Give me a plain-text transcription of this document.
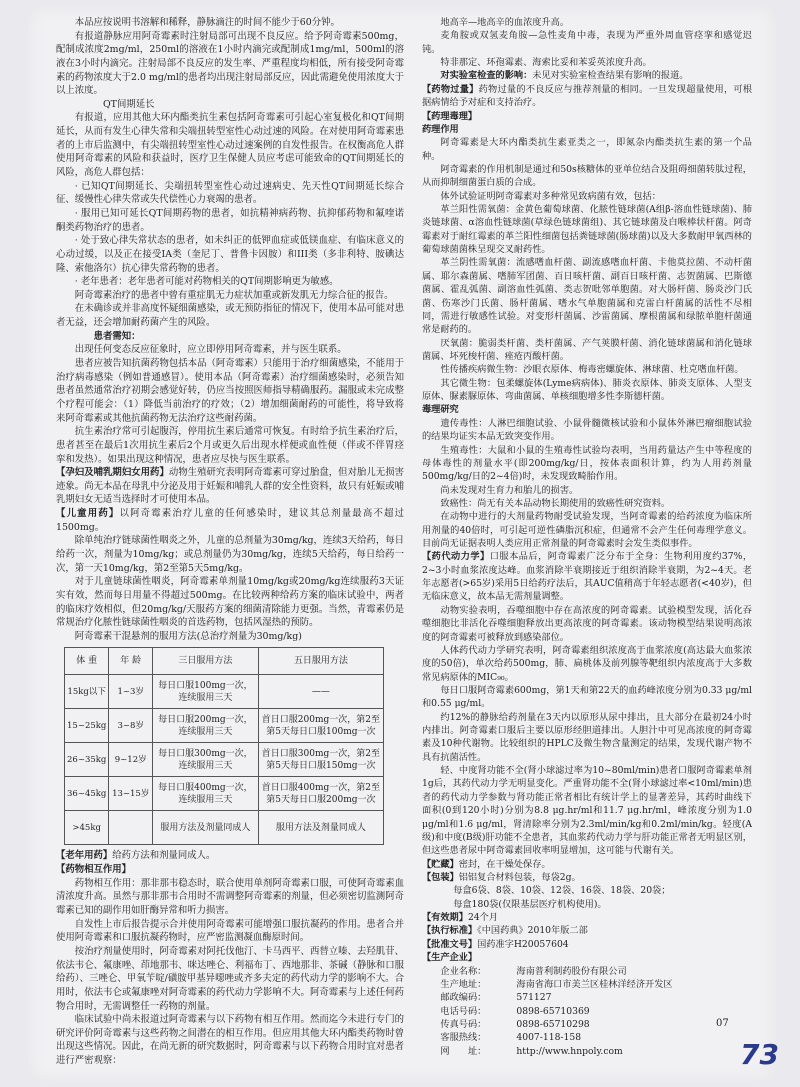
本品应按说明书溶解和稀释，静脉滴注的时间不能少于60分钟。

有报道静脉应用阿奇霉素时注射局部可出现不良反应。给予阿奇霉素500mg，配制成浓度2mg/ml，250ml的溶液在1小时内滴完或配制成1mg/ml，500ml的溶液在3小时内滴完。注射局部不良反应的发生率、严重程度均相低，所有接受阿奇霉素的药物浓度大于2.0 mg/ml的患者均出现注射局部反应，因此需避免使用浓度大于以上浓度。

QT间期延长

有报道，应用其他大环内酯类抗生素包括阿奇霉素可引起心室复极化和QT间期延长，从而有发生心律失常和尖端扭转型室性心动过速的风险。在对使用阿奇霉素患者的上市后监测中，有尖端扭转型室性心动过速案例的自发性报告。在权衡高危人群使用阿奇霉素的风险和获益时，医疗卫生保健人员应考虑可能致命的QT间期延长的风险，高危人群包括：

· 已知QT间期延长、尖端扭转型室性心动过速病史、先天性QT间期延长综合征、缓慢性心律失常或失代偿性心力衰竭的患者。

· 服用已知可延长QT间期药物的患者，如抗精神病药物、抗抑郁药物和氟喹诺酮类药物治疗的患者。

· 处于致心律失常状态的患者，如未纠正的低钾血症或低镁血症、有临床意义的心动过缓，以及正在接受IA类（奎尼丁、普鲁卡因胺）和III类（多非利特、胺碘达隆、索他洛尔）抗心律失常药物的患者。

· 老年患者：老年患者可能对药物相关的QT间期影响更为敏感。

阿奇霉素治疗的患者中曾有重症肌无力症状加重或新发肌无力综合征的报告。

在未确诊或并非高度怀疑细菌感染，或无预防指征的情况下，使用本品可能对患者无益，还会增加耐药菌产生的风险。

患者需知：

出现任何变态反应征象时，应立即停用阿奇霉素，并与医生联系。

患者应被告知抗菌药物包括本品（阿奇霉素）只能用于治疗细菌感染，不能用于治疗病毒感染（例如普通感冒）。使用本品（阿奇霉素）治疗细菌感染时，必须告知患者虽然通常治疗初期会感觉好转，仍应当按照医师指导精确服药。漏服或未完成整个疗程可能会：（1）降低当前治疗的疗效；（2）增加细菌耐药的可能性，将导致将来阿奇霉素或其他抗菌药物无法治疗这些耐药菌。

抗生素治疗常可引起腹泻，停用抗生素后通常可恢复。有时给予抗生素治疗后，患者甚至在最后1次用抗生素后2个月或更久后出现水样便或血性便（伴或不伴胃痉挛和发热）。如果出现这种情况，患者应尽快与医生联系。

【孕妇及哺乳期妇女用药】动物生殖研究表明阿奇霉素可穿过胎盘，但对胎儿无损害迹象。尚无本品在母乳中分泌及用于妊娠和哺乳人群的安全性资料，故只有妊娠或哺乳期妇女无适当选择时才可使用本品。

【儿童用药】以阿奇霉素治疗儿童的任何感染时，建议其总剂量最高不超过1500mg。

除单纯治疗链球菌性咽炎之外，儿童的总剂量为30mg/kg，连续3天给药，每日给药一次，剂量为10mg/kg；或总剂量仍为30mg/kg，连续5天给药，每日给药一次，第一天10mg/kg，第2至第5天5mg/kg。

对于儿童链球菌性咽炎，阿奇霉素单剂量10mg/kg或20mg/kg连续服药3天证实有效，然而每日用量不得超过500mg。在比较两种给药方案的临床试验中，两者的临床疗效相似，但20mg/kg/天服药方案的细菌清除能力更强。当然，青霉素仍是常规治疗化脓性链球菌性咽炎的首选药物，包括风湿热的预防。

阿奇霉素干混悬剂的服用方法(总治疗剂量为30mg/kg)

体 重	年 龄	三日服用方法	五日服用方法
15kg以下	1~3岁	每日口服100mg一次，连续服用三天	——
15~25kg	3~8岁	每日口服200mg一次，连续服用三天	首日口服200mg一次，第2至第5天每日口服100mg一次
26~35kg	9~12岁	每日口服300mg一次，连续服用三天	首日口服300mg一次，第2至第5天每日口服150mg一次
36~45kg	13~15岁	每日口服400mg一次，连续服用三天	首日口服400mg一次，第2至第5天每日口服200mg一次
>45kg		服用方法及剂量同成人	服用方法及剂量同成人

【老年用药】给药方法和剂量同成人。

【药物相互作用】

药物相互作用：那非那韦稳态时，联合使用单剂阿奇霉素口服，可使阿奇霉素血清浓度升高。虽然与那非那韦合用时不需调整阿奇霉素的剂量，但必须密切监测阿奇霉素已知的副作用如肝酶异常和听力损害。

自发性上市后报告提示合并使用阿奇霉素可能增强口服抗凝药的作用。患者合并使用阿奇霉素和口服抗凝药物时，应严密监测凝血酶原时间。

按治疗剂量使用时，阿奇霉素对阿托伐他汀、卡马西平、西替立嗪、去羟肌苷、依法韦仑、氟康唑、茚地那韦、咪达唑仑、利福布丁、西地那非、茶碱（静脉和口服给药）、三唑仑、甲氧苄啶/磺胺甲基异噁唑或齐多夫定的药代动力学的影响不大。合用时，依法韦仑或氟康唑对阿奇霉素的药代动力学影响不大。阿奇霉素与上述任何药物合用时，无需调整任一药物的剂量。

临床试验中尚未报道过阿奇霉素与以下药物有相互作用。然而迄今未进行专门的研究评价阿奇霉素与这些药物之间潜在的相互作用。但应用其他大环内酯类药物时曾出现这些情况。因此，在尚无新的研究数据时，阿奇霉素与以下药物合用时宜对患者进行严密观察：

地高辛—地高辛的血浓度升高。

麦角胺或双氢麦角胺—急性麦角中毒，表现为严重外周血管痉挛和感觉迟钝。

特非那定、环孢霉素、海索比妥和苯妥英浓度升高。

对实验室检查的影响：未见对实验室检查结果有影响的报道。

【药物过量】药物过量的不良反应与推荐剂量的相同。一旦发现超量使用，可根据病情给予对症和支持治疗。

【药理毒理】

药理作用

阿奇霉素是大环内酯类抗生素亚类之一，即氮杂内酯类抗生素的第一个品种。

阿奇霉素的作用机制是通过和50s核糖体的亚单位结合及阻碍细菌转肽过程，从而抑制细菌蛋白质的合成。

体外试验证明阿奇霉素对多种常见致病菌有效，包括：

革兰阳性需氧菌：金黄色葡萄球菌、化脓性链球菌(A组β-溶血性链球菌)、肺炎链球菌、α溶血性链球菌(草绿色链球菌组)、其它链球菌及白喉棒状杆菌。阿奇霉素对于耐红霉素的革兰阳性细菌包括粪链球菌(肠球菌)以及大多数耐甲氧西林的葡萄球菌菌株呈现交叉耐药性。

革兰阴性需氧菌：流感嗜血杆菌、副流感嗜血杆菌、卡他莫拉菌、不动杆菌属、耶尔森菌属、嗜肺军团菌、百日咳杆菌、副百日咳杆菌、志贺菌属、巴斯德菌属、霍乱弧菌、副溶血性弧菌、类志贺吡邻单胞菌。对大肠杆菌、肠炎沙门氏菌、伤寒沙门氏菌、肠杆菌属、嗜水气单胞菌属和克雷白杆菌属的活性不尽相同，需进行敏感性试验。对变形杆菌属、沙雷菌属、摩根菌属和绿脓单胞杆菌通常是耐药的。

厌氧菌：脆弱类杆菌、类杆菌属、产气荚膜杆菌、消化链球菌属和消化链球菌属、坏死梭杆菌、痤疮丙酸杆菌。

性传播疾病微生物：沙眼衣原体、梅毒密螺旋体、淋球菌、杜克嗜血杆菌。

其它微生物：包柔螺旋体(Lyme病病体)、肺炎衣原体、肺炎支原体、人型支原体、脲素脲原体、弯曲菌属、单核细胞增多性李斯德杆菌。

毒理研究

遗传毒性：人淋巴细胞试验、小鼠骨髓微核试验和小鼠体外淋巴瘤细胞试验的结果均证实本品无致突变作用。

生殖毒性：大鼠和小鼠的生殖毒性试验均表明，当用药量达产生中等程度的母体毒性的剂量水平(即200mg/kg/日，按体表面积计算，约为人用药剂量500mg/kg/日的2~4倍)时，未发现致畸胎作用。

尚未发现对生育力和胎儿的损害。

致癌性：尚无有关本品动物长期使用的致癌性研究资料。

在动物中进行的大剂量药物耐受试验发现，当阿奇霉素的给药浓度为临床所用剂量的40倍时，可引起可逆性磷脂沉积症，但通常不会产生任何毒理学意义。目前尚无证据表明人类应用正常剂量的阿奇霉素时会发生类似事件。

【药代动力学】口服本品后，阿奇霉素广泛分布于全身：生物利用度约37%，2~3小时血浆浓度达峰。血浆消除半衰期接近于组织消除半衰期，为2~4天。老年志愿者(>65岁)采用5日给药疗法后，其AUC值稍高于年轻志愿者(<40岁)，但无临床意义，故本品无需剂量调整。

动物实验表明，吞噬细胞中存在高浓度的阿奇霉素。试验模型发现，活化吞噬细胞比非活化吞噬细胞释放出更高浓度的阿奇霉素。该动物模型结果说明高浓度的阿奇霉素可被释放到感染部位。

人体药代动力学研究表明，阿奇霉素组织浓度高于血浆浓度(高达最大血浆浓度的50倍)，单次给药500mg，肺、扁桃体及前列腺等靶组织内浓度高于大多数常见病原体的MIC₉₀。

每日口服阿奇霉素600mg，第1天和第22天的血药峰浓度分别为0.33 μg/ml和0.55 μg/ml。

约12%的静脉给药剂量在3天内以原形从尿中排出，且大部分在最初24小时内排出。阿奇霉素口服后主要以原形经胆道排出。人胆汁中可见高浓度的阿奇霉素及10种代谢物。比较组织的HPLC及微生物含量测定的结果，发现代谢产物不具有抗菌活性。

轻、中度肾功能不全(肾小球滤过率为10~80ml/min)患者口服阿奇霉素单剂1g后，其药代动力学无明显变化。严重肾功能不全(肾小球滤过率<10ml/min)患者的药代动力学参数与肾功能正常者相比有统计学上的显著差异，其药时曲线下面积(0到120小时)分别为8.8 μg.hr/ml和11.7 μg.hr/ml，峰浓度分别为1.0 μg/ml和1.6 μg/ml，肾清除率分别为2.3ml/min/kg和0.2ml/min/kg。轻度(A级)和中度(B级)肝功能不全患者，其血浆药代动力学与肝功能正常者无明显区别，但这些患者尿中阿奇霉素回收率明显增加，这可能与代谢有关。

【贮藏】密封，在干燥处保存。

【包装】铝铝复合材料包装，每袋2g。

每盒6袋、8袋、10袋、12袋、16袋、18袋、20袋；

每盒180袋(仅限基层医疗机构使用)。

【有效期】24个月

【执行标准】《中国药典》2010年版二部

【批准文号】国药准字H20057604

【生产企业】

企业名称：	海南普利制药股份有限公司
生产地址：	海南省海口市美兰区桂林洋经济开发区
邮政编码：	571127
电话号码：	0898-65710369
传真号码：	0898-65710298
客服热线：	4007-118-158
网　　址：	http://www.hnpoly.com
07
73
